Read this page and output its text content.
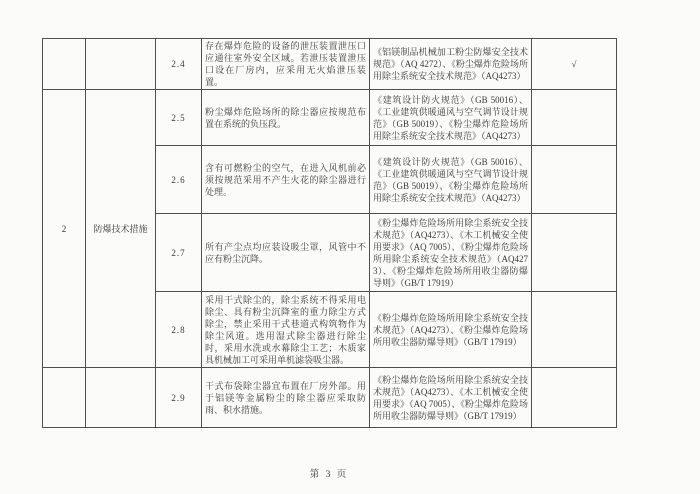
		2.4	存在爆炸危险的设备的泄压装置泄压口应通往室外安全区域。若泄压装置泄压口设在厂房内，应采用无火焰泄压装置。	《铝镁制品机械加工粉尘防爆安全技术规范》（AQ 4272）、《粉尘爆炸危险场所用除尘系统安全技术规范》（AQ4273）	√
2	防爆技术措施	2.5	粉尘爆炸危险场所的除尘器应按规范布置在系统的负压段。	《建筑设计防火规范》（GB 50016）、《工业建筑供暖通风与空气调节设计规范》（GB 50019）、《粉尘爆炸危险场所用除尘系统安全技术规范》（AQ4273）	
		2.6	含有可燃粉尘的空气，在进入风机前必须按规范采用不产生火花的除尘器进行处理。	《建筑设计防火规范》（GB 50016）、《工业建筑供暖通风与空气调节设计规范》（GB 50019）、《粉尘爆炸危险场所用除尘系统安全技术规范》（AQ4273）	
		2.7	所有产尘点均应装设吸尘罩，风管中不应有粉尘沉降。	《粉尘爆炸危险场所用除尘系统安全技术规范》（AQ4273）、《木工机械安全使用要求》（AQ 7005）、《粉尘爆炸危险场所用除尘系统安全技术规范》（AQ4273）、《粉尘爆炸危险场所用收尘器防爆导则》（GB/T 17919）	
		2.8	采用干式除尘的，除尘系统不得采用电除尘、具有粉尘沉降室的重力除尘方式除尘，禁止采用干式巷道式构筑物作为除尘风道。选用湿式除尘器进行除尘时，采用水洗或水幕除尘工艺；木质家具机械加工可采用单机滤袋吸尘器。	《粉尘爆炸危险场所用除尘系统安全技术规范》（AQ4273）、《粉尘爆炸危险场所用收尘器防爆导则》（GB/T 17919）	
		2.9	干式布袋除尘器宜布置在厂房外部。用于铝镁等金属粉尘的除尘器应采取防雨、积水措施。	《粉尘爆炸危险场所用除尘系统安全技术规范》（AQ4273）、《木工机械安全使用要求》（AQ 7005）、《粉尘爆炸危险场所用收尘器防爆导则》（GB/T 17919）	
第 3 页
